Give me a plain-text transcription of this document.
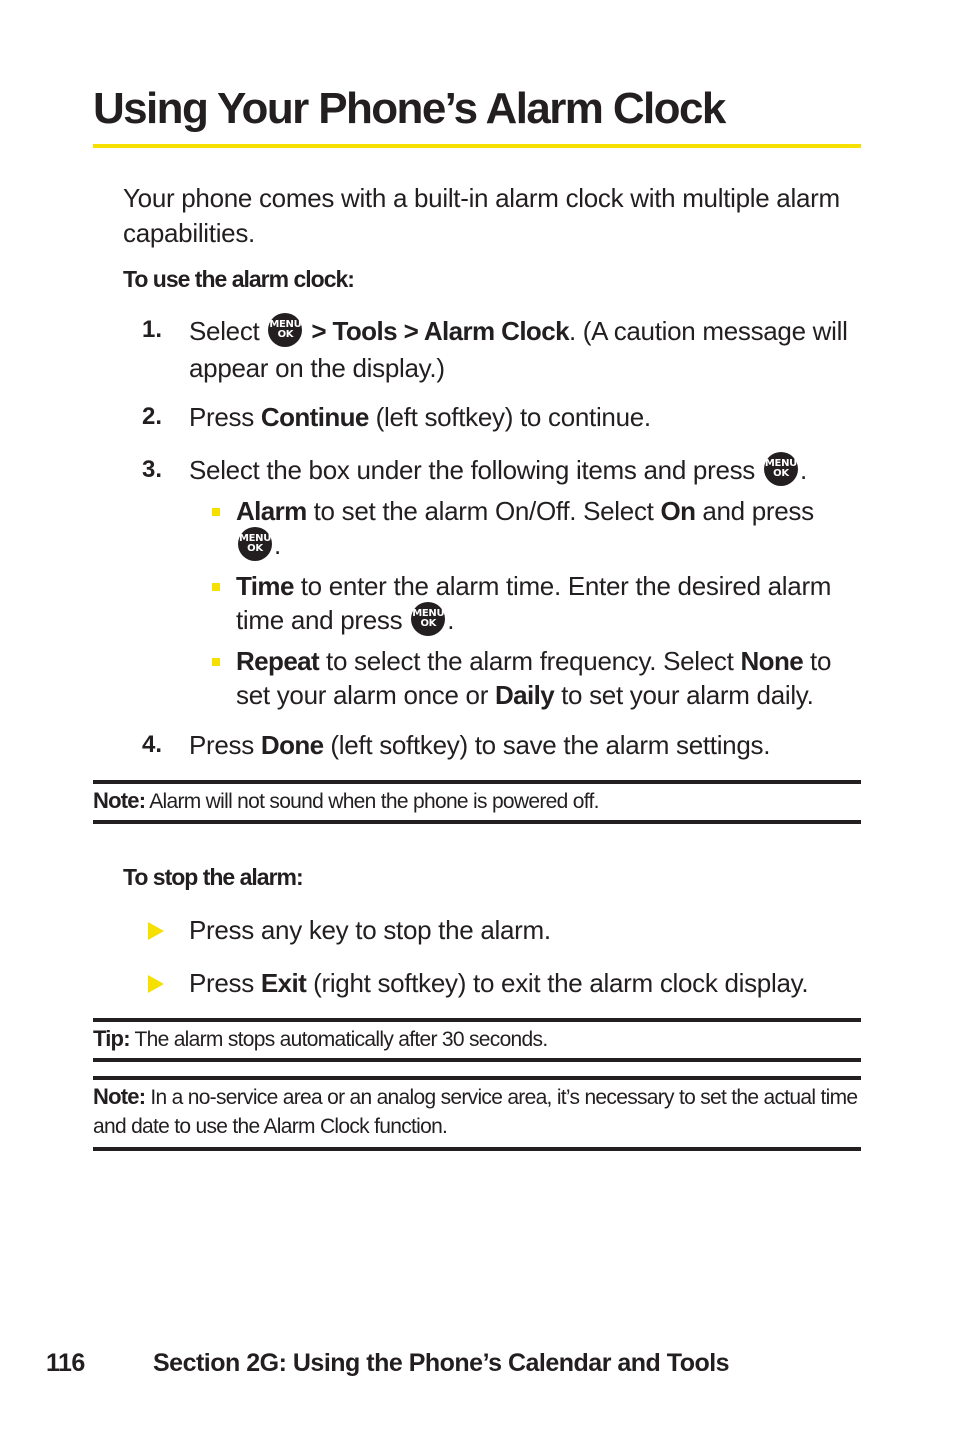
Using Your Phone’s Alarm Clock
Your phone comes with a built-in alarm clock with multiple alarm capabilities.
To use the alarm clock:
1. Select MENU
OK > Tools > Alarm Clock. (A caution message will appear on the display.)
2. Press Continue (left softkey) to continue.
3. Select the box under the following items and press MENU
OK .
Alarm to set the alarm On/Off. Select On and press
MENU
OK .
Time to enter the alarm time. Enter the desired alarm time and press MENU
OK .
Repeat to select the alarm frequency. Select None to set your alarm once or Daily to set your alarm daily.
4. Press Done (left softkey) to save the alarm settings.
Note: Alarm will not sound when the phone is powered off.
To stop the alarm:
Press any key to stop the alarm.
Press Exit (right softkey) to exit the alarm clock display.
Tip: The alarm stops automatically after 30 seconds.
Note: In a no-service area or an analog service area, it’s necessary to set the actual time and date to use the Alarm Clock function.
116	Section 2G: Using the Phone’s Calendar and Tools
